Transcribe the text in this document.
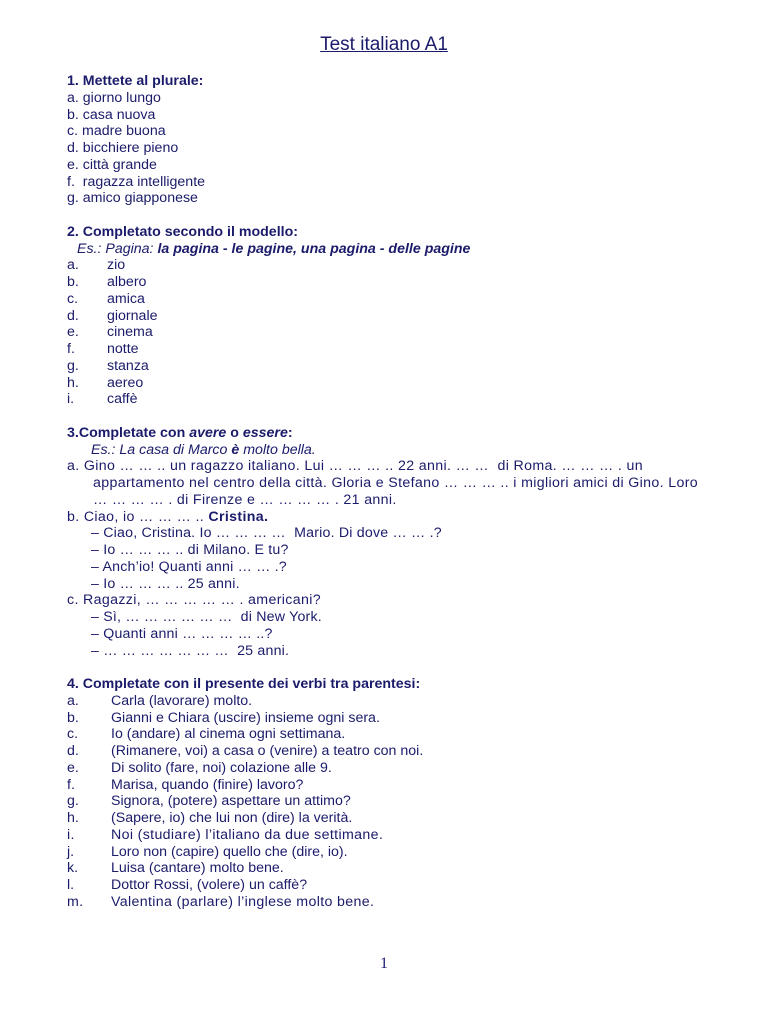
Test italiano A1
1. Mettete al plurale:
a. giorno lungo
b. casa nuova
c. madre buona
d. bicchiere pieno
e. città grande
f.  ragazza intelligente
g. amico giapponese
2. Completato secondo il modello:
Es.: Pagina: la pagina - le pagine, una pagina - delle pagine
a. zio
b. albero
c. amica
d. giornale
e. cinema
f. notte
g. stanza
h. aereo
i. caffè
3.Completate con avere o essere:
Es.: La casa di Marco è molto bella.
a. Gino … … .. un ragazzo italiano. Lui … … … .. 22 anni. … …  di Roma. … … … . un
appartamento nel centro della città. Gloria e Stefano … … … .. i migliori amici di Gino. Loro
… … … … . di Firenze e … … … … . 21 anni.
b. Ciao, io … … … .. Cristina.
– Ciao, Cristina. Io … … … …  Mario. Di dove … … .?
– Io … … … .. di Milano. E tu?
– Anch’io! Quanti anni … … .?
– Io … … … .. 25 anni.
c. Ragazzi, … … … … … . americani?
– Sì, … … … … … …  di New York.
– Quanti anni … … … … ..?
– … … … … … … …  25 anni.
4. Completate con il presente dei verbi tra parentesi:
a. Carla (lavorare) molto.
b. Gianni e Chiara (uscire) insieme ogni sera.
c. Io (andare) al cinema ogni settimana.
d. (Rimanere, voi) a casa o (venire) a teatro con noi.
e. Di solito (fare, noi) colazione alle 9.
f.	Marisa, quando (finire) lavoro?
g. Signora, (potere) aspettare un attimo?
h. (Sapere, io) che lui non (dire) la verità.
i.	Noi (studiare) l’italiano da due settimane.
j.	Loro non (capire) quello che (dire, io).
k. Luisa (cantare) molto bene.
l.	Dottor Rossi, (volere) un caffè?
m. Valentina (parlare) l’inglese molto bene.
1
